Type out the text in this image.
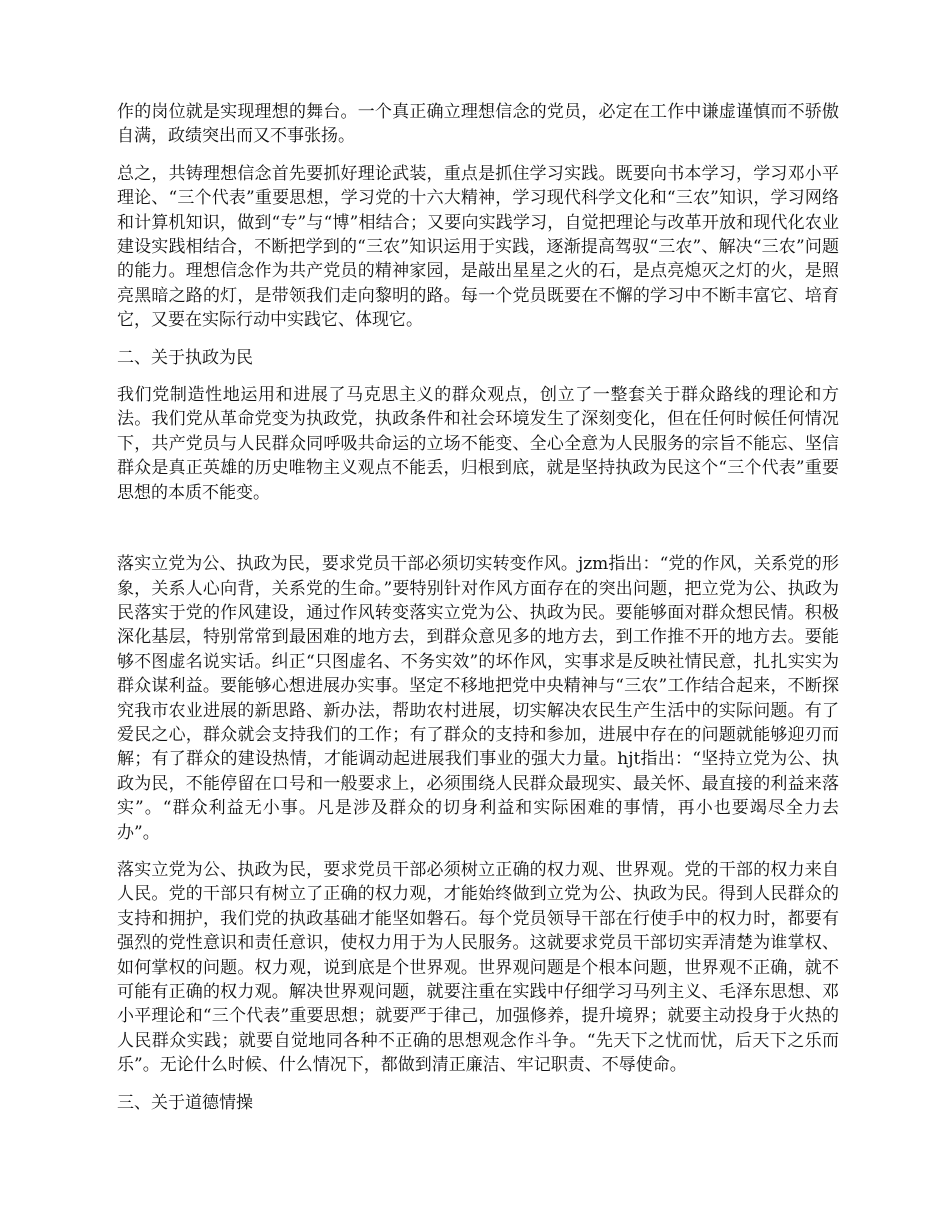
作的岗位就是实现理想的舞台。一个真正确立理想信念的党员，必定在工作中谦虚谨慎而不骄傲自满，政绩突出而又不事张扬。

总之，共铸理想信念首先要抓好理论武装，重点是抓住学习实践。既要向书本学习，学习邓小平理论、“三个代表”重要思想，学习党的十六大精神，学习现代科学文化和“三农”知识，学习网络和计算机知识，做到“专”与“博”相结合；又要向实践学习，自觉把理论与改革开放和现代化农业建设实践相结合，不断把学到的“三农”知识运用于实践，逐渐提高驾驭“三农”、解决“三农”问题的能力。理想信念作为共产党员的精神家园，是敲出星星之火的石，是点亮熄灭之灯的火，是照亮黑暗之路的灯，是带领我们走向黎明的路。每一个党员既要在不懈的学习中不断丰富它、培育它，又要在实际行动中实践它、体现它。

二、关于执政为民

我们党制造性地运用和进展了马克思主义的群众观点，创立了一整套关于群众路线的理论和方法。我们党从革命党变为执政党，执政条件和社会环境发生了深刻变化，但在任何时候任何情况下，共产党员与人民群众同呼吸共命运的立场不能变、全心全意为人民服务的宗旨不能忘、坚信群众是真正英雄的历史唯物主义观点不能丢，归根到底，就是坚持执政为民这个“三个代表”重要思想的本质不能变。

落实立党为公、执政为民，要求党员干部必须切实转变作风。jzm指出：“党的作风，关系党的形象，关系人心向背，关系党的生命。”要特别针对作风方面存在的突出问题，把立党为公、执政为民落实于党的作风建设，通过作风转变落实立党为公、执政为民。要能够面对群众想民情。积极深化基层，特别常常到最困难的地方去，到群众意见多的地方去，到工作推不开的地方去。要能够不图虚名说实话。纠正“只图虚名、不务实效”的坏作风，实事求是反映社情民意，扎扎实实为群众谋利益。要能够心想进展办实事。坚定不移地把党中央精神与“三农”工作结合起来，不断探究我市农业进展的新思路、新办法，帮助农村进展，切实解决农民生产生活中的实际问题。有了爱民之心，群众就会支持我们的工作；有了群众的支持和参加，进展中存在的问题就能够迎刃而解；有了群众的建设热情，才能调动起进展我们事业的强大力量。hjt指出：“坚持立党为公、执政为民，不能停留在口号和一般要求上，必须围绕人民群众最现实、最关怀、最直接的利益来落实”。“群众利益无小事。凡是涉及群众的切身利益和实际困难的事情，再小也要竭尽全力去办”。

落实立党为公、执政为民，要求党员干部必须树立正确的权力观、世界观。党的干部的权力来自人民。党的干部只有树立了正确的权力观，才能始终做到立党为公、执政为民。得到人民群众的支持和拥护，我们党的执政基础才能坚如磐石。每个党员领导干部在行使手中的权力时，都要有强烈的党性意识和责任意识，使权力用于为人民服务。这就要求党员干部切实弄清楚为谁掌权、如何掌权的问题。权力观，说到底是个世界观。世界观问题是个根本问题，世界观不正确，就不可能有正确的权力观。解决世界观问题，就要注重在实践中仔细学习马列主义、毛泽东思想、邓小平理论和“三个代表”重要思想；就要严于律己，加强修养，提升境界；就要主动投身于火热的人民群众实践；就要自觉地同各种不正确的思想观念作斗争。“先天下之忧而忧，后天下之乐而乐”。无论什么时候、什么情况下，都做到清正廉洁、牢记职责、不辱使命。

三、关于道德情操
